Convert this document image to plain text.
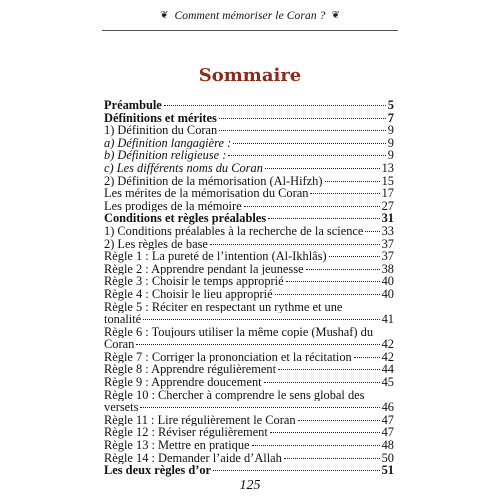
❦ Comment mémoriser le Coran ? ❦
Sommaire
Préambule	5
Définitions et mérites	7
1) Définition du Coran	9
a) Définition langagière :	9
b) Définition religieuse :	9
c) Les différents noms du Coran	13
2) Définition de la mémorisation (Al-Hifzh)	15
Les mérites de la mémorisation du Coran	17
Les prodiges de la mémoire	27
Conditions et règles préalables	31
1) Conditions préalables à la recherche de la science 33
2) Les règles de base	37
Règle 1 : La pureté de l’intention (Al-Ikhlâs)	37
Règle 2 : Apprendre pendant la jeunesse	38
Règle 3 : Choisir le temps approprié	40
Règle 4 : Choisir le lieu approprié	40
Règle 5 : Réciter en respectant un rythme et une
tonalité	41
Règle 6 : Toujours utiliser la même copie (Mushaf) du
Coran	42
Règle 7 : Corriger la prononciation et la récitation 42
Règle 8 : Apprendre régulièrement	44
Règle 9 : Apprendre doucement	45
Règle 10 : Chercher à comprendre le sens global des
versets	46
Règle 11 : Lire régulièrement le Coran	47
Règle 12 : Réviser régulièrement	47
Règle 13 : Mettre en pratique	48
Règle 14 : Demander l’aide d’Allah	50
Les deux règles d’or	51
125
